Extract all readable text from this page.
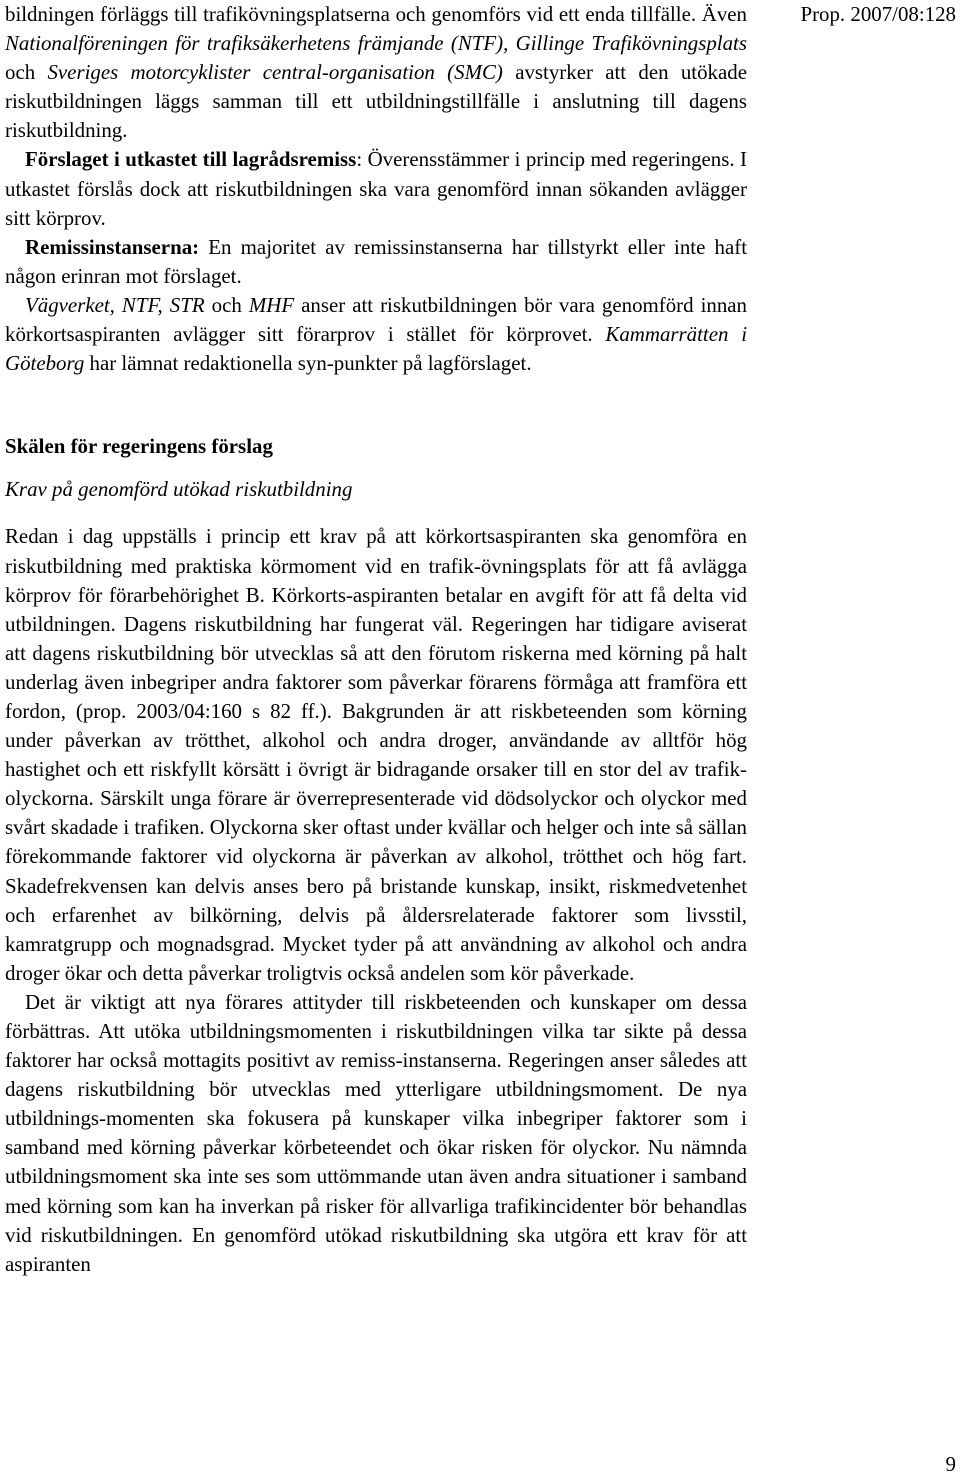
Prop. 2007/08:128

bildningen förläggs till trafikövningsplatserna och genomförs vid ett enda tillfälle. Även Nationalföreningen för trafiksäkerhetens främjande (NTF), Gillinge Trafikövningsplats och Sveriges motorcyklister central-organisation (SMC) avstyrker att den utökade riskutbildningen läggs samman till ett utbildningstillfälle i anslutning till dagens riskutbildning.

Förslaget i utkastet till lagrådsremiss: Överensstämmer i princip med regeringens. I utkastet förslås dock att riskutbildningen ska vara genomförd innan sökanden avlägger sitt körprov.

Remissinstanserna: En majoritet av remissinstanserna har tillstyrkt eller inte haft någon erinran mot förslaget.

Vägverket, NTF, STR och MHF anser att riskutbildningen bör vara genomförd innan körkortsaspiranten avlägger sitt förarprov i stället för körprovet. Kammarrätten i Göteborg har lämnat redaktionella syn-punkter på lagförslaget.

Skälen för regeringens förslag
Krav på genomförd utökad riskutbildning

Redan i dag uppställs i princip ett krav på att körkortsaspiranten ska genomföra en riskutbildning med praktiska körmoment vid en trafik-övningsplats för att få avlägga körprov för förarbehörighet B. Körkorts-aspiranten betalar en avgift för att få delta vid utbildningen. Dagens riskutbildning har fungerat väl. Regeringen har tidigare aviserat att dagens riskutbildning bör utvecklas så att den förutom riskerna med körning på halt underlag även inbegriper andra faktorer som påverkar förarens förmåga att framföra ett fordon, (prop. 2003/04:160 s 82 ff.). Bakgrunden är att riskbeteenden som körning under påverkan av trötthet, alkohol och andra droger, användande av alltför hög hastighet och ett riskfyllt körsätt i övrigt är bidragande orsaker till en stor del av trafik-olyckorna. Särskilt unga förare är överrepresenterade vid dödsolyckor och olyckor med svårt skadade i trafiken. Olyckorna sker oftast under kvällar och helger och inte så sällan förekommande faktorer vid olyckorna är påverkan av alkohol, trötthet och hög fart. Skadefrekvensen kan delvis anses bero på bristande kunskap, insikt, riskmedvetenhet och erfarenhet av bilkörning, delvis på åldersrelaterade faktorer som livsstil, kamratgrupp och mognadsgrad. Mycket tyder på att användning av alkohol och andra droger ökar och detta påverkar troligtvis också andelen som kör påverkade.

Det är viktigt att nya förares attityder till riskbeteenden och kunskaper om dessa förbättras. Att utöka utbildningsmomenten i riskutbildningen vilka tar sikte på dessa faktorer har också mottagits positivt av remiss-instanserna. Regeringen anser således att dagens riskutbildning bör utvecklas med ytterligare utbildningsmoment. De nya utbildnings-momenten ska fokusera på kunskaper vilka inbegriper faktorer som i samband med körning påverkar körbeteendet och ökar risken för olyckor. Nu nämnda utbildningsmoment ska inte ses som uttömmande utan även andra situationer i samband med körning som kan ha inverkan på risker för allvarliga trafikincidenter bör behandlas vid riskutbildningen. En genomförd utökad riskutbildning ska utgöra ett krav för att aspiranten

9
